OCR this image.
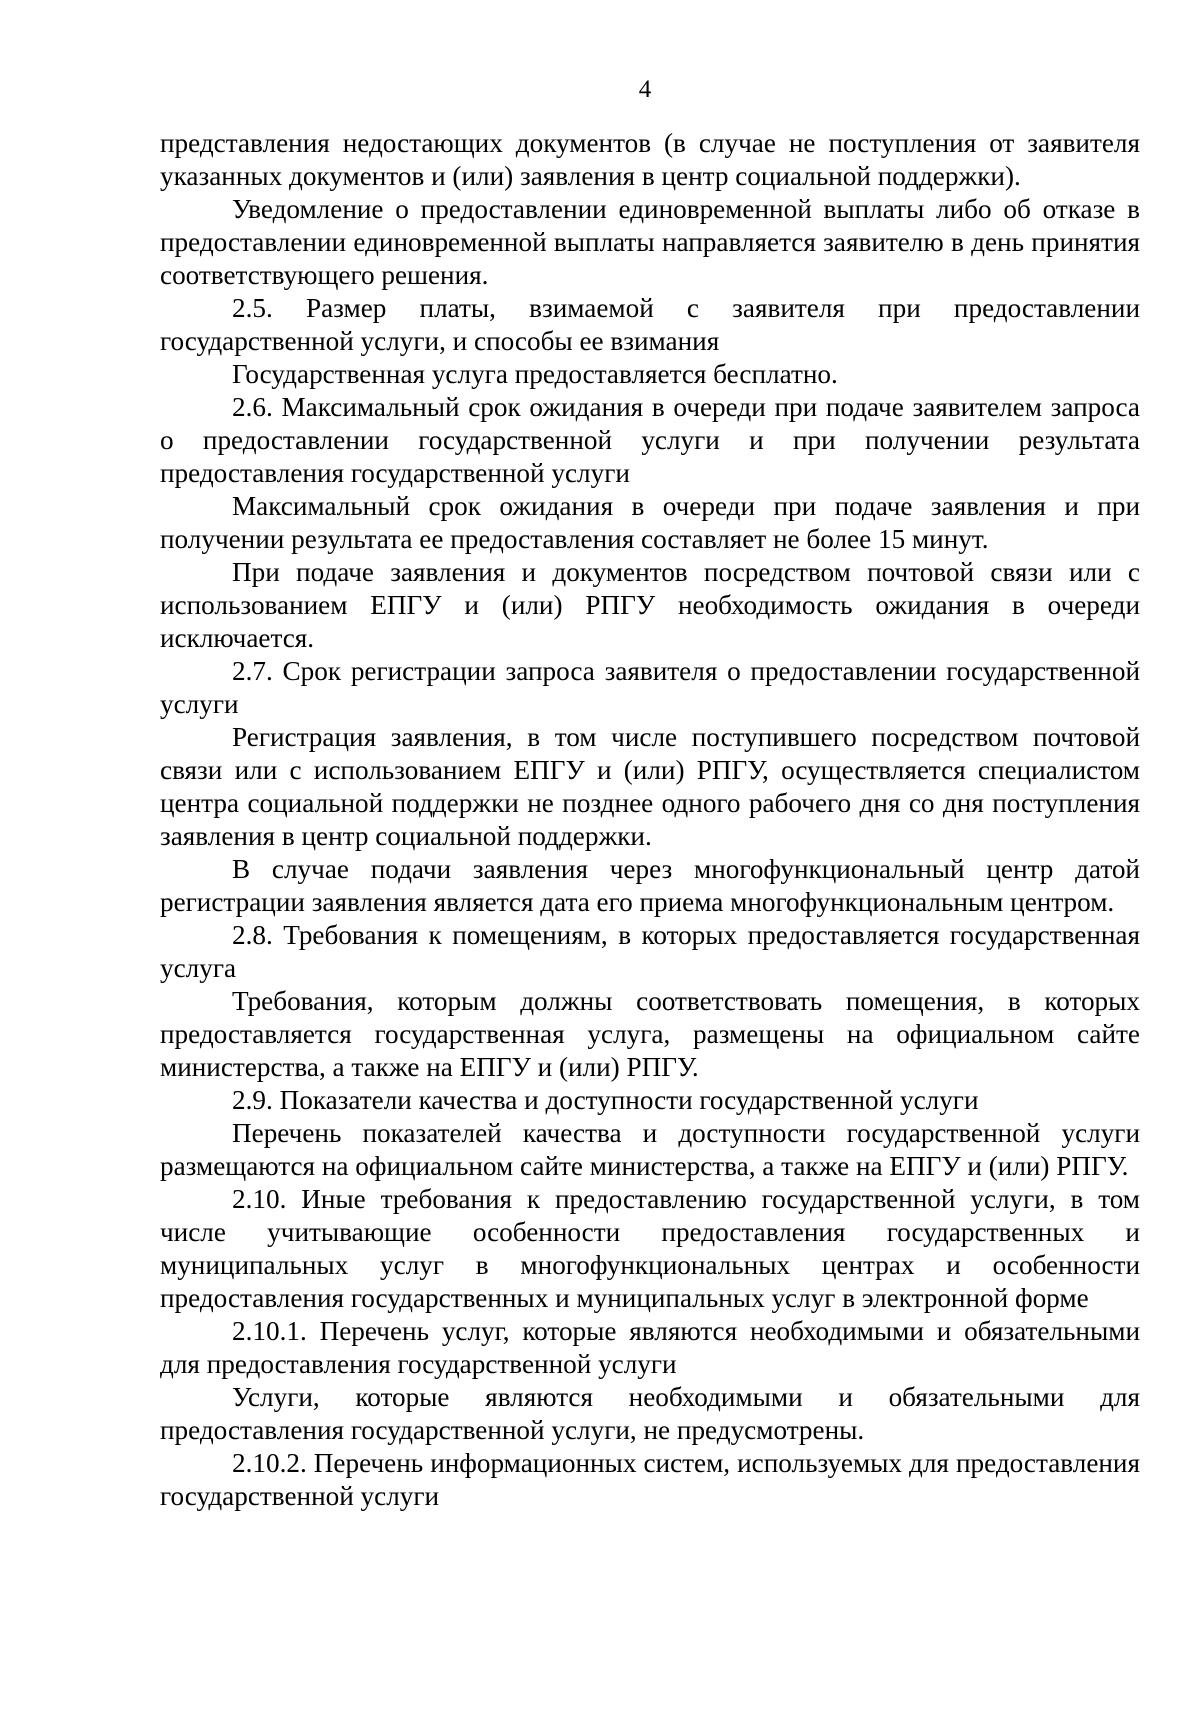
4

представления недостающих документов (в случае не поступления от заявителя указанных документов и (или) заявления в центр социальной поддержки).

Уведомление о предоставлении единовременной выплаты либо об отказе в предоставлении единовременной выплаты направляется заявителю в день принятия соответствующего решения.

2.5. Размер платы, взимаемой с заявителя при предоставлении государственной услуги, и способы ее взимания

Государственная услуга предоставляется бесплатно.

2.6. Максимальный срок ожидания в очереди при подаче заявителем запроса о предоставлении государственной услуги и при получении результата предоставления государственной услуги

Максимальный срок ожидания в очереди при подаче заявления и при получении результата ее предоставления составляет не более 15 минут.

При подаче заявления и документов посредством почтовой связи или с использованием ЕПГУ и (или) РПГУ необходимость ожидания в очереди исключается.

2.7. Срок регистрации запроса заявителя о предоставлении государственной услуги

Регистрация заявления, в том числе поступившего посредством почтовой связи или с использованием ЕПГУ и (или) РПГУ, осуществляется специалистом центра социальной поддержки не позднее одного рабочего дня со дня поступления заявления в центр социальной поддержки.

В случае подачи заявления через многофункциональный центр датой регистрации заявления является дата его приема многофункциональным центром.

2.8. Требования к помещениям, в которых предоставляется государственная услуга

Требования, которым должны соответствовать помещения, в которых предоставляется государственная услуга, размещены на официальном сайте министерства, а также на ЕПГУ и (или) РПГУ.

2.9. Показатели качества и доступности государственной услуги

Перечень показателей качества и доступности государственной услуги размещаются на официальном сайте министерства, а также на ЕПГУ и (или) РПГУ.

2.10. Иные требования к предоставлению государственной услуги, в том числе учитывающие особенности предоставления государственных и муниципальных услуг в многофункциональных центрах и особенности предоставления государственных и муниципальных услуг в электронной форме

2.10.1. Перечень услуг, которые являются необходимыми и обязательными для предоставления государственной услуги

Услуги, которые являются необходимыми и обязательными для предоставления государственной услуги, не предусмотрены.

2.10.2. Перечень информационных систем, используемых для предоставления государственной услуги
